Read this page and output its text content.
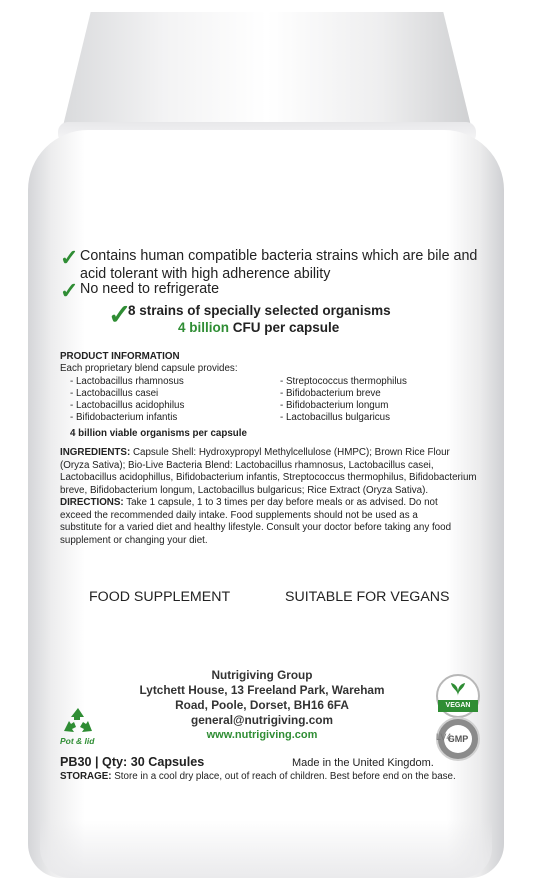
✓ Contains human compatible bacteria strains which are bile and
acid tolerant with high adherence ability
✓ No need to refrigerate
✓
8 strains of specially selected organisms
4 billion CFU per capsule
PRODUCT INFORMATION
Each proprietary blend capsule provides:
- Lactobacillus rhamnosus
- Lactobacillus casei
- Lactobacillus acidophilus
- Bifidobacterium infantis
- Streptococcus thermophilus
- Bifidobacterium breve
- Bifidobacterium longum
- Lactobacillus bulgaricus
4 billion viable organisms per capsule
INGREDIENTS: Capsule Shell: Hydroxypropyl Methylcellulose (HMPC); Brown Rice Flour
(Oryza Sativa); Bio-Live Bacteria Blend: Lactobacillus rhamnosus, Lactobacillus casei,
Lactobacillus acidophillus, Bifidobacterium infantis, Streptococcus thermophilus, Bifidobacterium
breve, Bifidobacterium longum, Lactobacillus bulgaricus; Rice Extract (Oryza Sativa).
DIRECTIONS: Take 1 capsule, 1 to 3 times per day before meals or as advised. Do not
exceed the recommended daily intake. Food supplements should not be used as a
substitute for a varied diet and healthy lifestyle. Consult your doctor before taking any food
supplement or changing your diet.
FOOD SUPPLEMENT	SUITABLE FOR VEGANS
Nutrigiving Group
Lytchett House, 13 Freeland Park, Wareham
Road, Poole, Dorset, BH16 6FA
general@nutrigiving.com
www.nutrigiving.com
Pot & lid
VEGAN
GMP
LV4
PB30 | Qty: 30 Capsules	Made in the United Kingdom.
STORAGE: Store in a cool dry place, out of reach of children. Best before end on the base.
